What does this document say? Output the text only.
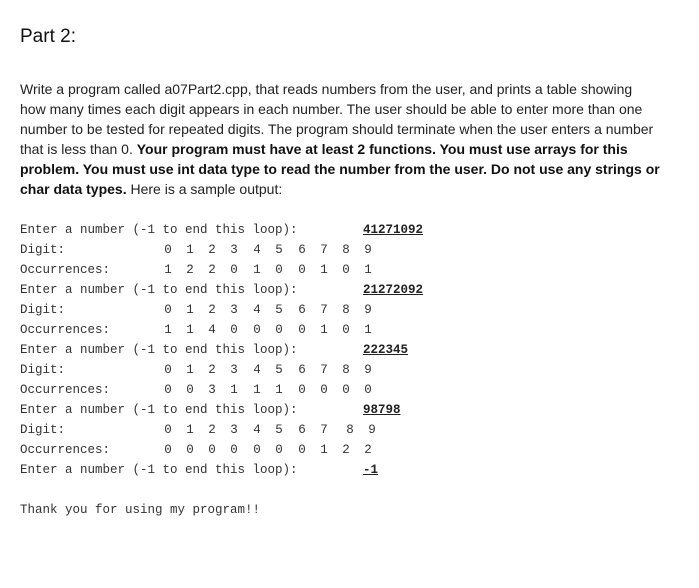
Part 2:

Write a program called a07Part2.cpp, that reads numbers from the user, and prints a table showing how many times each digit appears in each number. The user should be able to enter more than one number to be tested for repeated digits. The program should terminate when the user enters a number that is less than 0. Your program must have at least 2 functions. You must use arrays for this problem. You must use int data type to read the number from the user. Do not use any strings or char data types. Here is a sample output:

Enter a number (-1 to end this loop):	41271092
Digit:	0 1 2 3 4 5 6 7 8 9
Occurrences:	1 2 2 0 1 0 0 1 0 1
Enter a number (-1 to end this loop):	21272092
Digit:	0 1 2 3 4 5 6 7 8 9
Occurrences:	1 1 4 0 0 0 0 1 0 1
Enter a number (-1 to end this loop):	222345
Digit:	0 1 2 3 4 5 6 7 8 9
Occurrences:	0 0 3 1 1 1 0 0 0 0
Enter a number (-1 to end this loop):	98798
Digit:	0 1 2 3 4 5 6 7 8 9
Occurrences:	0 0 0 0 0 0 0 1 2 2
Enter a number (-1 to end this loop):	-1
Thank you for using my program!!
